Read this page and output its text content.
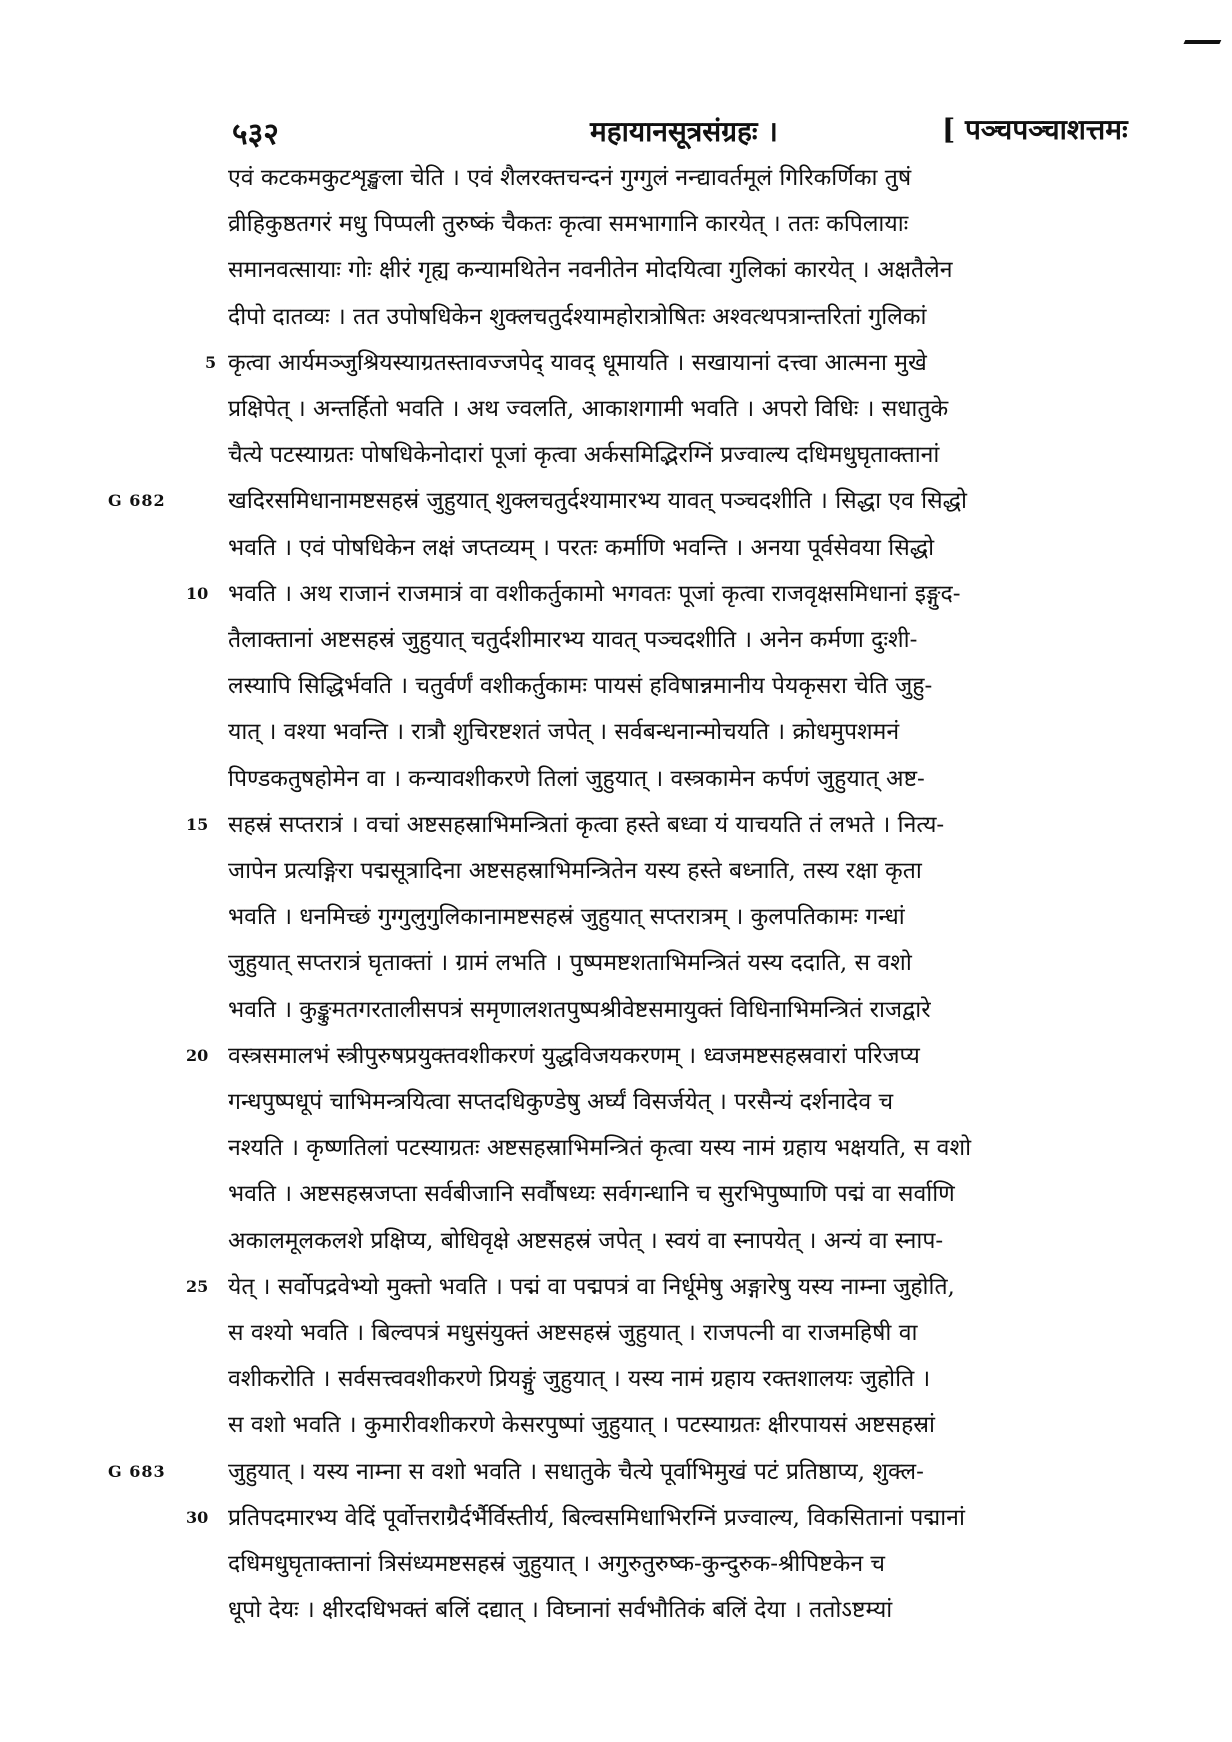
५३२	महायानसूत्रसंग्रहः ।	[ पञ्चपञ्चाशत्तमः
एवं कटकमकुटशृङ्खला चेति । एवं शैलरक्तचन्दनं गुग्गुलं नन्द्यावर्तमूलं गिरिकर्णिका तुषं
व्रीहिकुष्ठतगरं मधु पिप्पली तुरुष्कं चैकतः कृत्वा समभागानि कारयेत् । ततः कपिलायाः
समानवत्सायाः गोः क्षीरं गृह्य कन्यामथितेन नवनीतेन मोदयित्वा गुलिकां कारयेत् । अक्षतैलेन
दीपो दातव्यः । तत उपोषधिकेन शुक्लचतुर्दश्यामहोरात्रोषितः अश्वत्थपत्रान्तरितां गुलिकां
कृत्वा आर्यमञ्जुश्रियस्याग्रतस्तावज्जपेद् यावद् धूमायति । सखायानां दत्त्वा आत्मना मुखे
5
प्रक्षिपेत् । अन्तर्हितो भवति । अथ ज्वलति, आकाशगामी भवति । अपरो विधिः । सधातुके
चैत्ये पटस्याग्रतः पोषधिकेनोदारां पूजां कृत्वा अर्कसमिद्भिरग्निं प्रज्वाल्य दधिमधुघृताक्तानां
खदिरसमिधानामष्टसहस्रं जुहुयात् शुक्लचतुर्दश्यामारभ्य यावत् पञ्चदशीति । सिद्धा एव सिद्धो
G 682
भवति । एवं पोषधिकेन लक्षं जप्तव्यम् । परतः कर्माणि भवन्ति । अनया पूर्वसेवया सिद्धो
भवति । अथ राजानं राजमात्रं वा वशीकर्तुकामो भगवतः पूजां कृत्वा राजवृक्षसमिधानां इङ्गुद-
10
तैलाक्तानां अष्टसहस्रं जुहुयात् चतुर्दशीमारभ्य यावत् पञ्चदशीति । अनेन कर्मणा दुःशी-
लस्यापि सिद्धिर्भवति । चतुर्वर्णं वशीकर्तुकामः पायसं हविषान्नमानीय पेयकृसरा चेति जुहु-
यात् । वश्या भवन्ति । रात्रौ शुचिरष्टशतं जपेत् । सर्वबन्धनान्मोचयति । क्रोधमुपशमनं
पिण्डकतुषहोमेन वा । कन्यावशीकरणे तिलां जुहुयात् । वस्त्रकामेन कर्पणं जुहुयात् अष्ट-
सहस्रं सप्तरात्रं । वचां अष्टसहस्राभिमन्त्रितां कृत्वा हस्ते बध्वा यं याचयति तं लभते । नित्य-
15
जापेन प्रत्यङ्गिरा पद्मसूत्रादिना अष्टसहस्राभिमन्त्रितेन यस्य हस्ते बध्नाति, तस्य रक्षा कृता
भवति । धनमिच्छं गुग्गुलुगुलिकानामष्टसहस्रं जुहुयात् सप्तरात्रम् । कुलपतिकामः गन्धां
जुहुयात् सप्तरात्रं घृताक्तां । ग्रामं लभति । पुष्पमष्टशताभिमन्त्रितं यस्य ददाति, स वशो
भवति । कुङ्कुमतगरतालीसपत्रं समृणालशतपुष्पश्रीवेष्टसमायुक्तं विधिनाभिमन्त्रितं राजद्वारे
वस्त्रसमालभं स्त्रीपुरुषप्रयुक्तवशीकरणं युद्धविजयकरणम् । ध्वजमष्टसहस्रवारां परिजप्य
20
गन्धपुष्पधूपं चाभिमन्त्रयित्वा सप्तदधिकुण्डेषु अर्घ्यं विसर्जयेत् । परसैन्यं दर्शनादेव च
नश्यति । कृष्णतिलां पटस्याग्रतः अष्टसहस्राभिमन्त्रितं कृत्वा यस्य नामं ग्रहाय भक्षयति, स वशो
भवति । अष्टसहस्रजप्ता सर्वबीजानि सर्वौषध्यः सर्वगन्धानि च सुरभिपुष्पाणि पद्मं वा सर्वाणि
अकालमूलकलशे प्रक्षिप्य, बोधिवृक्षे अष्टसहस्रं जपेत् । स्वयं वा स्नापयेत् । अन्यं वा स्नाप-
येत् । सर्वोपद्रवेभ्यो मुक्तो भवति । पद्मं वा पद्मपत्रं वा निर्धूमेषु अङ्गारेषु यस्य नाम्ना जुहोति,
25
स वश्यो भवति । बिल्वपत्रं मधुसंयुक्तं अष्टसहस्रं जुहुयात् । राजपत्नी वा राजमहिषी वा
वशीकरोति । सर्वसत्त्ववशीकरणे प्रियङ्गुं जुहुयात् । यस्य नामं ग्रहाय रक्तशालयः जुहोति ।
स वशो भवति । कुमारीवशीकरणे केसरपुष्पां जुहुयात् । पटस्याग्रतः क्षीरपायसं अष्टसहस्रां
जुहुयात् । यस्य नाम्ना स वशो भवति । सधातुके चैत्ये पूर्वाभिमुखं पटं प्रतिष्ठाप्य, शुक्ल-
G 683
प्रतिपदमारभ्य वेदिं पूर्वोत्तराग्रैर्दर्भैर्विस्तीर्य, बिल्वसमिधाभिरग्निं प्रज्वाल्य, विकसितानां पद्मानां
30
दधिमधुघृताक्तानां त्रिसंध्यमष्टसहस्रं जुहुयात् । अगुरुतुरुष्क-कुन्दुरुक-श्रीपिष्टकेन च
धूपो देयः । क्षीरदधिभक्तं बलिं दद्यात् । विघ्नानां सर्वभौतिकं बलिं देया । ततोऽष्टम्यां
